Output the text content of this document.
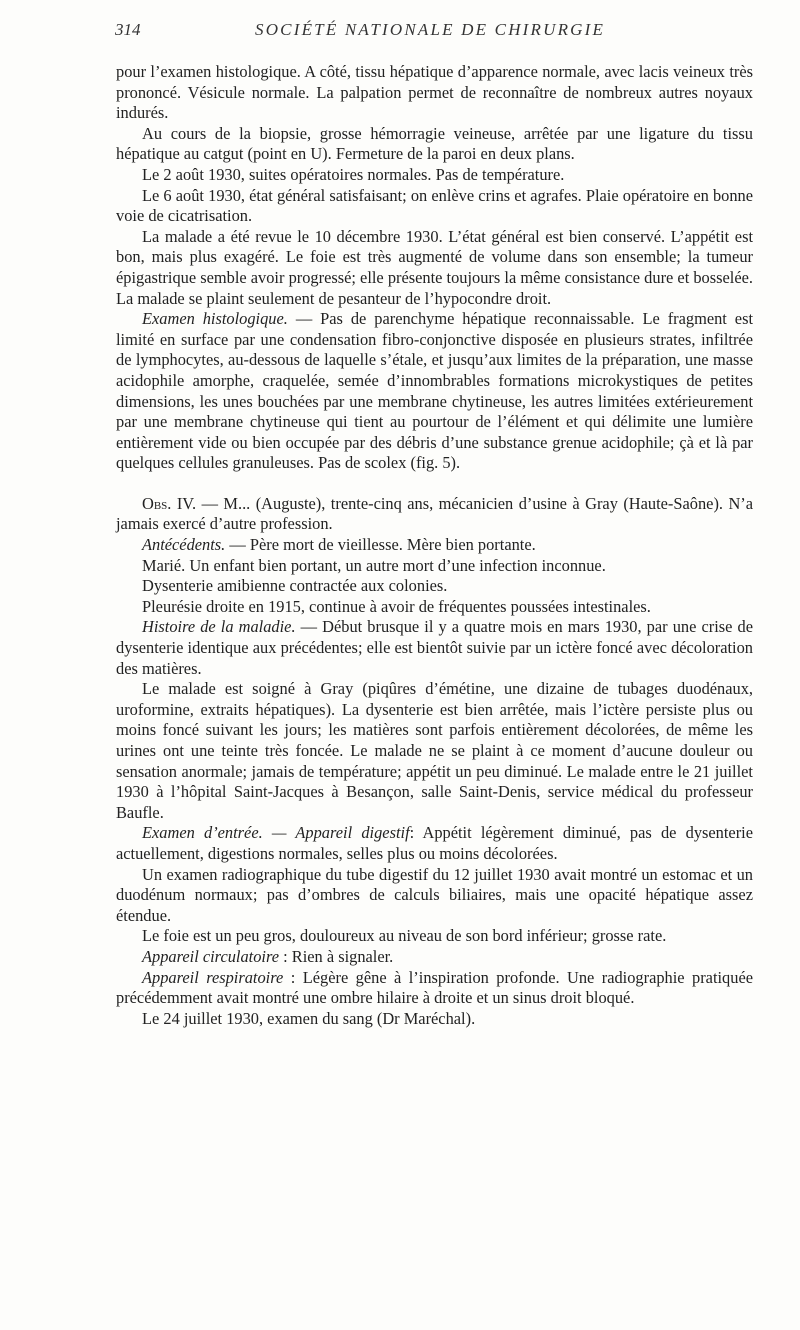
314	SOCIÉTÉ NATIONALE DE CHIRURGIE

pour l’examen histologique. A côté, tissu hépatique d’apparence normale, avec lacis veineux très prononcé. Vésicule normale. La palpation permet de reconnaître de nombreux autres noyaux indurés.

Au cours de la biopsie, grosse hémorragie veineuse, arrêtée par une ligature du tissu hépatique au catgut (point en U). Fermeture de la paroi en deux plans.

Le 2 août 1930, suites opératoires normales. Pas de température.

Le 6 août 1930, état général satisfaisant; on enlève crins et agrafes. Plaie opératoire en bonne voie de cicatrisation.

La malade a été revue le 10 décembre 1930. L’état général est bien conservé. L’appétit est bon, mais plus exagéré. Le foie est très augmenté de volume dans son ensemble; la tumeur épigastrique semble avoir progressé; elle présente toujours la même consistance dure et bosselée. La malade se plaint seulement de pesanteur de l’hypocondre droit.

Examen histologique. — Pas de parenchyme hépatique reconnaissable. Le fragment est limité en surface par une condensation fibro-conjonctive disposée en plusieurs strates, infiltrée de lymphocytes, au-dessous de laquelle s’étale, et jusqu’aux limites de la préparation, une masse acidophile amorphe, craquelée, semée d’innombrables formations microkystiques de petites dimensions, les unes bouchées par une membrane chytineuse, les autres limitées extérieurement par une membrane chytineuse qui tient au pourtour de l’élément et qui délimite une lumière entièrement vide ou bien occupée par des débris d’une substance grenue acidophile; çà et là par quelques cellules granuleuses. Pas de scolex (fig. 5).

Obs. IV. — M... (Auguste), trente-cinq ans, mécanicien d’usine à Gray (Haute-Saône). N’a jamais exercé d’autre profession.

Antécédents. — Père mort de vieillesse. Mère bien portante.

Marié. Un enfant bien portant, un autre mort d’une infection inconnue.

Dysenterie amibienne contractée aux colonies.

Pleurésie droite en 1915, continue à avoir de fréquentes poussées intestinales.

Histoire de la maladie. — Début brusque il y a quatre mois en mars 1930, par une crise de dysenterie identique aux précédentes; elle est bientôt suivie par un ictère foncé avec décoloration des matières.

Le malade est soigné à Gray (piqûres d’émétine, une dizaine de tubages duodénaux, uroformine, extraits hépatiques). La dysenterie est bien arrêtée, mais l’ictère persiste plus ou moins foncé suivant les jours; les matières sont parfois entièrement décolorées, de même les urines ont une teinte très foncée. Le malade ne se plaint à ce moment d’aucune douleur ou sensation anormale; jamais de température; appétit un peu diminué. Le malade entre le 21 juillet 1930 à l’hôpital Saint-Jacques à Besançon, salle Saint-Denis, service médical du professeur Baufle.

Examen d’entrée. — Appareil digestif: Appétit légèrement diminué, pas de dysenterie actuellement, digestions normales, selles plus ou moins décolorées.

Un examen radiographique du tube digestif du 12 juillet 1930 avait montré un estomac et un duodénum normaux; pas d’ombres de calculs biliaires, mais une opacité hépatique assez étendue.

Le foie est un peu gros, douloureux au niveau de son bord inférieur; grosse rate.

Appareil circulatoire : Rien à signaler.

Appareil respiratoire : Légère gêne à l’inspiration profonde. Une radiographie pratiquée précédemment avait montré une ombre hilaire à droite et un sinus droit bloqué.

Le 24 juillet 1930, examen du sang (Dr Maréchal).
